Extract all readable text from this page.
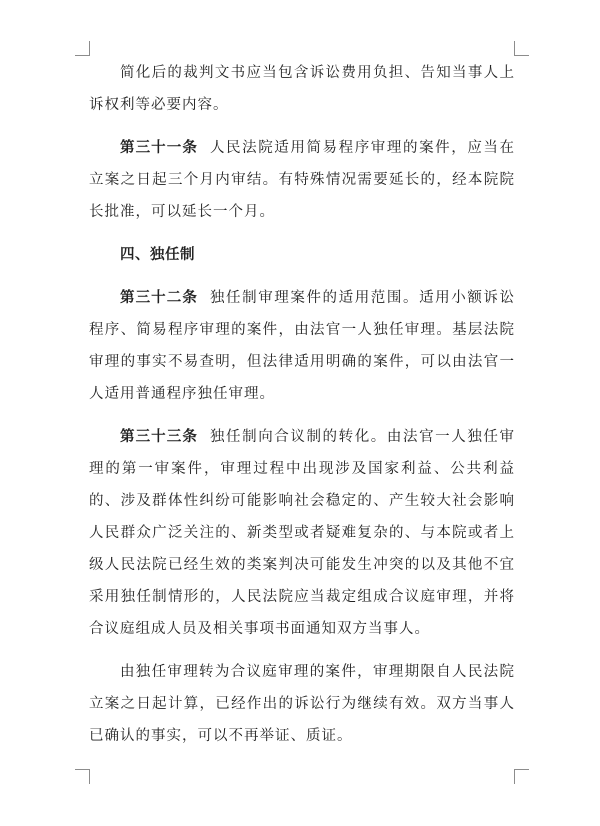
简化后的裁判文书应当包含诉讼费用负担、告知当事人上诉权利等必要内容。

第三十一条 人民法院适用简易程序审理的案件，应当在立案之日起三个月内审结。有特殊情况需要延长的，经本院院长批准，可以延长一个月。

四、独任制

第三十二条 独任制审理案件的适用范围。适用小额诉讼程序、简易程序审理的案件，由法官一人独任审理。基层法院审理的事实不易查明，但法律适用明确的案件，可以由法官一人适用普通程序独任审理。

第三十三条 独任制向合议制的转化。由法官一人独任审理的第一审案件，审理过程中出现涉及国家利益、公共利益的、涉及群体性纠纷可能影响社会稳定的、产生较大社会影响人民群众广泛关注的、新类型或者疑难复杂的、与本院或者上级人民法院已经生效的类案判决可能发生冲突的以及其他不宜采用独任制情形的，人民法院应当裁定组成合议庭审理，并将合议庭组成人员及相关事项书面通知双方当事人。

由独任审理转为合议庭审理的案件，审理期限自人民法院立案之日起计算，已经作出的诉讼行为继续有效。双方当事人已确认的事实，可以不再举证、质证。
